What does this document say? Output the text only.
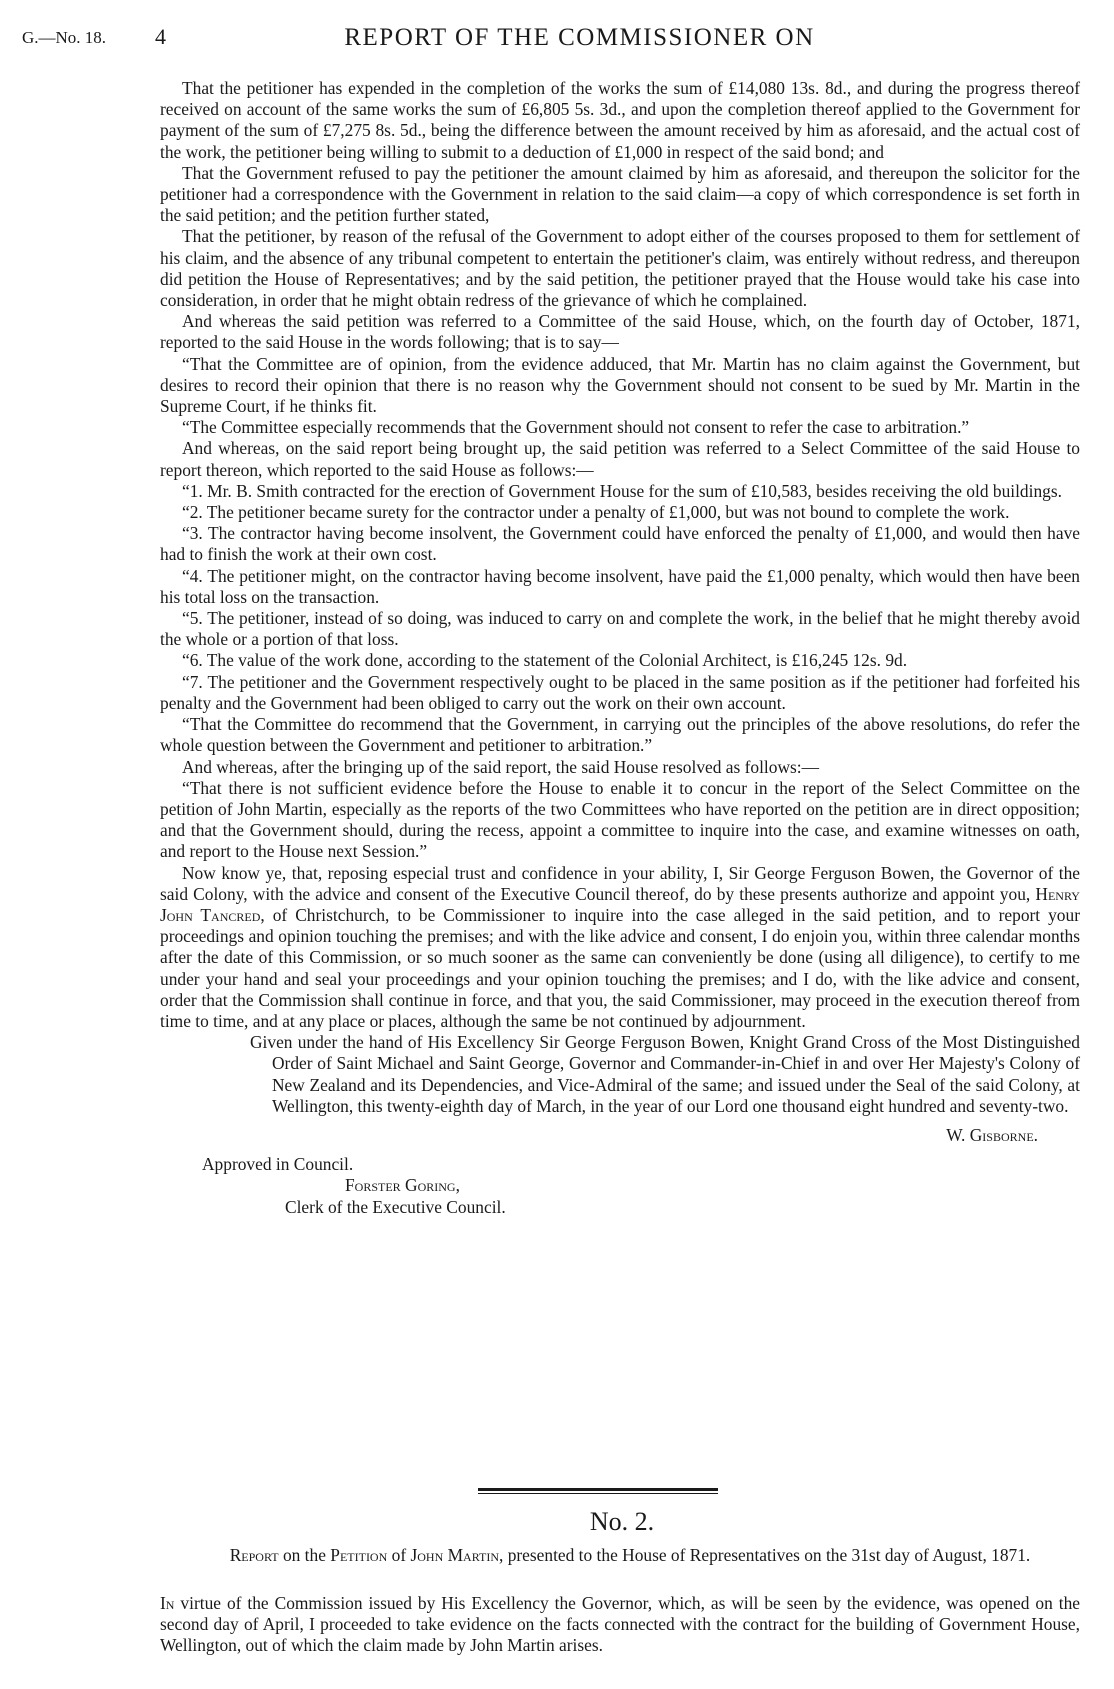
G.—No. 18. 4	REPORT OF THE COMMISSIONER ON

That the petitioner has expended in the completion of the works the sum of £14,080 13s. 8d., and during the progress thereof received on account of the same works the sum of £6,805 5s. 3d., and upon the completion thereof applied to the Government for payment of the sum of £7,275 8s. 5d., being the difference between the amount received by him as aforesaid, and the actual cost of the work, the petitioner being willing to submit to a deduction of £1,000 in respect of the said bond; and

That the Government refused to pay the petitioner the amount claimed by him as aforesaid, and thereupon the solicitor for the petitioner had a correspondence with the Government in relation to the said claim—a copy of which correspondence is set forth in the said petition; and the petition further stated,

That the petitioner, by reason of the refusal of the Government to adopt either of the courses proposed to them for settlement of his claim, and the absence of any tribunal competent to entertain the petitioner's claim, was entirely without redress, and thereupon did petition the House of Representatives; and by the said petition, the petitioner prayed that the House would take his case into consideration, in order that he might obtain redress of the grievance of which he complained.

And whereas the said petition was referred to a Committee of the said House, which, on the fourth day of October, 1871, reported to the said House in the words following; that is to say—

“That the Committee are of opinion, from the evidence adduced, that Mr. Martin has no claim against the Government, but desires to record their opinion that there is no reason why the Government should not consent to be sued by Mr. Martin in the Supreme Court, if he thinks fit.

“The Committee especially recommends that the Government should not consent to refer the case to arbitration.”

And whereas, on the said report being brought up, the said petition was referred to a Select Committee of the said House to report thereon, which reported to the said House as follows:—

“1. Mr. B. Smith contracted for the erection of Government House for the sum of £10,583, besides receiving the old buildings.

“2. The petitioner became surety for the contractor under a penalty of £1,000, but was not bound to complete the work.

“3. The contractor having become insolvent, the Government could have enforced the penalty of £1,000, and would then have had to finish the work at their own cost.

“4. The petitioner might, on the contractor having become insolvent, have paid the £1,000 penalty, which would then have been his total loss on the transaction.

“5. The petitioner, instead of so doing, was induced to carry on and complete the work, in the belief that he might thereby avoid the whole or a portion of that loss.

“6. The value of the work done, according to the statement of the Colonial Architect, is £16,245 12s. 9d.

“7. The petitioner and the Government respectively ought to be placed in the same position as if the petitioner had forfeited his penalty and the Government had been obliged to carry out the work on their own account.

“That the Committee do recommend that the Government, in carrying out the principles of the above resolutions, do refer the whole question between the Government and petitioner to arbitration.”

And whereas, after the bringing up of the said report, the said House resolved as follows:—

“That there is not sufficient evidence before the House to enable it to concur in the report of the Select Committee on the petition of John Martin, especially as the reports of the two Committees who have reported on the petition are in direct opposition; and that the Government should, during the recess, appoint a committee to inquire into the case, and examine witnesses on oath, and report to the House next Session.”

Now know ye, that, reposing especial trust and confidence in your ability, I, Sir George Ferguson Bowen, the Governor of the said Colony, with the advice and consent of the Executive Council thereof, do by these presents authorize and appoint you, Henry John Tancred, of Christchurch, to be Commissioner to inquire into the case alleged in the said petition, and to report your proceedings and opinion touching the premises; and with the like advice and consent, I do enjoin you, within three calendar months after the date of this Commission, or so much sooner as the same can conveniently be done (using all diligence), to certify to me under your hand and seal your proceedings and your opinion touching the premises; and I do, with the like advice and consent, order that the Commission shall continue in force, and that you, the said Commissioner, may proceed in the execution thereof from time to time, and at any place or places, although the same be not continued by adjournment.

Given under the hand of His Excellency Sir George Ferguson Bowen, Knight Grand Cross of the Most Distinguished Order of Saint Michael and Saint George, Governor and Commander-in-Chief in and over Her Majesty's Colony of New Zealand and its Dependencies, and Vice-Admiral of the same; and issued under the Seal of the said Colony, at Wellington, this twenty-eighth day of March, in the year of our Lord one thousand eight hundred and seventy-two.

W. Gisborne.

Approved in Council.

Forster Goring,

Clerk of the Executive Council.

No. 2.
Report on the Petition of John Martin, presented to the House of Representatives on the 31st day of August, 1871.

In virtue of the Commission issued by His Excellency the Governor, which, as will be seen by the evidence, was opened on the second day of April, I proceeded to take evidence on the facts connected with the contract for the building of Government House, Wellington, out of which the claim made by John Martin arises.
